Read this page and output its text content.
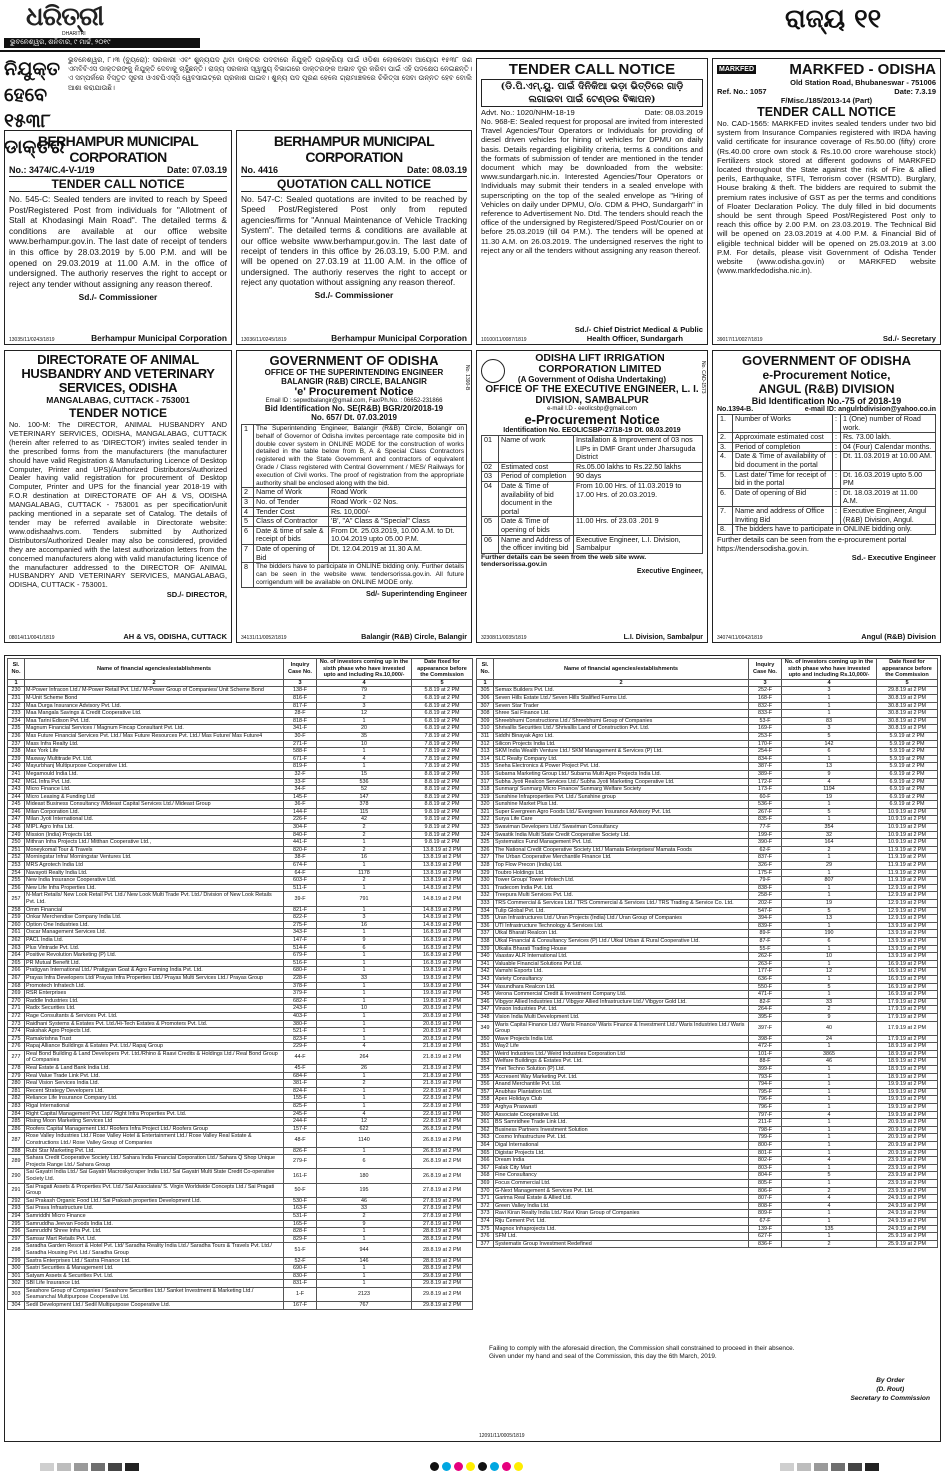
ଧରିତ୍ରୀ
DHARITRI
ଭୁବନେଶ୍ୱର, ଶନିବାର, ୯ ମାର୍ଚ୍ଚ, ୨୦୧୯
ରାଜ୍ୟ ୧୧
ନିଯୁକ୍ତ ହେବେ ୧୫୩୮ ଡାକ୍ତର
ଭୁବନେଶ୍ୱର, ୮।୩ (ବ୍ୟୁରୋ): ସରକାରୀ ଏବଂ ଶୁନ୍ୟପଦ ଥିବା ଡାକ୍ତର ପଦବୀରେ ନିଯୁକ୍ତି ପ୍ରକ୍ରିୟା ପାଇଁ ଓଡ଼ିଶା ଲୋକସେବା ଆୟୋଗ ୧୫୩୮ ଜଣ ଏମବିବିଏସ ଡାକ୍ତରଙ୍କୁ ନିଯୁକ୍ତି ଦେବାକୁ ଚାହୁଁଛନ୍ତି। ରାଜ୍ୟ ସରକାର ସ୍ୱାସ୍ଥ୍ୟ ବିଭାଗରେ ଡାକ୍ତରଙ୍କ ଅଭାବ ଦୂର କରିବା ପାଇଁ ଏହି ପଦକ୍ଷେପ ନେଇଛନ୍ତି। ଏ ସମ୍ପର୍କରେ ବିସ୍ତୃତ ସୂଚନା ଓଏଚପିଏସ୍ସି ୱେବସାଇଟ୍ରେ ପ୍ରକାଶ ପାଇବ। ଶୁନ୍ୟ ପଦ ପୂରଣ ହେଲେ ଗ୍ରାମାଞ୍ଚଳରେ ଚିକିତ୍ସା ସେବା ଉନ୍ନତ ହେବ ବୋଲି ଆଶା କରାଯାଉଛି।
BERHAMPUR MUNICIPAL CORPORATION
No.: 3474/C.4-V-1/19	Date: 07.03.19
TENDER CALL NOTICE
No. 545-C: Sealed tenders are invited to reach by Speed Post/Registered Post from individuals for "Allotment of Stall at Khodasingi Main Road". The detailed terms & conditions are available at our office website www.berhampur.gov.in. The last date of receipt of tenders in this office by 28.03.2019 by 5.00 P.M. and will be opened on 29.03.2019 at 11.00 A.M. in the office of undersigned. The authoriy reserves the right to accept or reject any tender without assigning any reason thereof.
Sd./- Commissioner
13035/11/0243/1819	Berhampur Municipal Corporation
BERHAMPUR MUNICIPAL CORPORATION
No. 4416	Date: 08.03.19
QUOTATION CALL NOTICE
No. 547-C: Sealed quotations are invited to be reached by Speed Post/Registered Post only from reputed agencies/firms for "Annual Maintenance of Vehicle Tracking System". The detailed terms & conditions are available at our office website www.berhampur.gov.in. The last date of receipt of tenders in this office by 26.03.19, 5.00 P.M. and will be opened on 27.03.19 at 11.00 A.M. in the office of undersigned. The authoriy reserves the right to accept or reject any quotation without assigning any reason thereof.
Sd./- Commissioner
13036/11/0245/1819	Berhampur Municipal Corporation
TENDER CALL NOTICE
(ଡି.ପି.ଏମ୍.ୟୁ. ପାଇଁ ଦିନିକିଆ ଭଡ଼ା ଭିତ୍ତିରେ ଗାଡ଼ି ଲଗାଇବା ପାଇଁ ଟେଣ୍ଡର ବିଜ୍ଞାପନ)
Advt. No.: 1020/NHM-18-19	Date: 08.03.2019
No. 968-E: Sealed request for proposal are invited from interested Travel Agencies/Tour Operators or Individuals for providing of diesel driven vehicles for hiring of vehicles for DPMU on daily basis. Details regarding eligibility criteria, terms & conditions and the formats of submission of tender are mentioned in the tender document which may be downloaded from the website: www.sundargarh.nic.in. Interested Agencies/Tour Operators or Individuals may submit their tenders in a sealed envelope with superscripting on the top of the sealed envelope as "Hiring of Vehicles on daily under DPMU, O/o. CDM & PHO, Sundargarh" in reference to Advertisement No. Dtd. The tenders should reach the office of the undersigned by Registered/Speed Post/Courier on or before 25.03.2019 (till 04 P.M.). The tenders will be opened at 11.30 A.M. on 26.03.2019. The undersigned reserves the right to reject any or all the tenders without assigning any reason thereof.
Sd./- Chief District Medical & Public
10100/11/0087/1819	Health Officer, Sundargarh
MARKFED MARKFED - ODISHA
Old Station Road, Bhubaneswar - 751006
Ref. No.: 1057	Date: 7.3.19
F/Misc./185/2013-14 (Part)
TENDER CALL NOTICE
No. CAD-1565: MARKFED invites sealed tenders under two bid system from Insurance Companies registered with IRDA having valid certificate for insurance coverage of Rs.50.00 (fifty) crore (Rs.40.00 crore own stock & Rs.10.00 crore warehouse stock) Fertilizers stock stored at different godowns of MARKFED located throughout the State against the risk of Fire & allied perils, Earthquake, STFI, Terrorism cover (RSMTD). Burglary, House braking & theft. The bidders are required to submit the premium rates inclusive of GST as per the terms and conditions of Floater Declaration Policy. The duly filled in bid documents should be sent through Speed Post/Registered Post only to reach this office by 2.00 P.M. on 23.03.2019. The Technical Bid will be opened on 23.03.2019 at 4.00 P.M. & Financial Bid of eligible technical bidder will be opened on 25.03.2019 at 3.00 P.M. For details, please visit Government of Odisha Tender website (www.odisha.gov.in) or MARKFED website (www.markfedodisha.nic.in).
39017/11/0027/1819	Sd./- Secretary
DIRECTORATE OF ANIMAL HUSBANDRY AND VETERINARY SERVICES, ODISHA
MANGALABAG, CUTTACK - 753001
TENDER NOTICE
No. 100-M: The DIRECTOR, ANIMAL HUSBANDRY AND VETERINARY SERVICES, ODISHA, MANGALABAG, CUTTACK (herein after referred to as 'DIRECTOR') invites sealed tender in the prescribed forms from the manufacturers (the manufacturer should have valid Registration & Manufacturing Licence of Desktop Computer, Printer and UPS)/Authorized Distributors/Authorized Dealer having valid registration for procurement of Desktop Computer, Printer and UPS for the financial year 2018-19 with F.O.R destination at DIRECTORATE OF AH & VS, ODISHA MANGALABAG, CUTTACK - 753001 as per specification/unit packing mentioned in a separate set of Catalog. The details of tender may be referred available in Directorate website: www.odishaahvs.com. Tenders submitted by Authorized Distributors/Authorized Dealer may also be considered, provided they are accompanied with the latest authorization letters from the concerned manufacturers along with valid manufacturing licence of the manufacturer addressed to the DIRECTOR OF ANIMAL HUSBANDRY AND VETERINARY SERVICES, MANGALABAG, ODISHA, CUTTACK - 753001.
SD./- DIRECTOR,
08014/11/0041/1819	AH & VS, ODISHA, CUTTACK
GOVERNMENT OF ODISHA
OFFICE OF THE SUPERINTENDING ENGINEER
BALANGIR (R&B) CIRCLE, BALANGIR
'e' Procurement Notice
Email ID : sepwdbalangir@gmail.com, Fax/Ph.No. : 06652-231866
Bid Identification No. SE(R&B) BGR/20/2018-19
No. 657/ Dt. 07.03.2019
No. 1390-B
1	The Superintending Engineer, Balangir (R&B) Circle, Bolangir on behalf of Governor of Odisha invites percentage rate composite bid in double cover system in ONLINE MODE for the construction of works detailed in the table below from B, A & Special Class Contractors registered with the State Government and contractors of equivalent Grade / Class registered with Central Government / MES/ Railways for execution of Civil works. The proof of registration from the appropriate authority shall be enclosed along with the bid.	
2	Name of Work	Road Work
3	No. of Tender	Road Work - 02 Nos.
4	Tender Cost	Rs. 10,000/-
5	Class of Contractor	'B', "A" Class & "Special" Class
6	Date & time of sale & receipt of bids	From Dt. 25.03.2019, 10.00 A.M. to Dt. 10.04.2019 upto 05.00 P.M.
7	Date of opening of Bid	Dt. 12.04.2019 at 11.30 A.M.
8	The bidders have to participate in ONLINE bidding only. Further details can be seen in the website www. tendersorissa.gov.in. All future corrigendum will be available on ONLINE MODE only.	
Sd/- Superintending Engineer
34131/11/0052/1819	Balangir (R&B) Circle, Balangir
No. CAD-1573
ODISHA LIFT IRRIGATION CORPORATION LIMITED
(A Government of Odisha Undertaking)
OFFICE OF THE EXECUTIVE ENGINEER, L. I. DIVISION, SAMBALPUR
e-mail I.D - eeolicsbp@gmail.com
e-Procurement Notice
Identification No. EEOLICSBP-27/18-19 Dt. 08.03.2019
01	Name of work	Installation & Improvement of 03 nos LIPs in DMF Grant under Jharsuguda District
02	Estimated cost	Rs.05.00 lakhs to Rs.22.50 lakhs
03	Period of completion	90 days
04	Date & Time of availability of bid document in the portal	From 10.00 Hrs. of 11.03.2019 to 17.00 Hrs. of 20.03.2019.
05	Date & Time of opening of bids	11.00 Hrs. of 23.03 .201 9
06	Name and Address of the officer inviting bid	Executive Engineer, L.I. Division, Sambalpur
Further details can be seen from the web site www. tendersorissa.gov.in
Executive Engineer,
32308/11/0035/1819	L.I. Division, Sambalpur
GOVERNMENT OF ODISHA
e-Procurement Notice,
ANGUL (R&B) DIVISION
Bid Identification No.-75 of 2018-19
No.1394-B.	e-mail ID: angulrbdivision@yahoo.co.in
1.	Number of Works	:	1 (One) number of Road work.
2.	Approximate estimated cost	:	Rs. 73.00 lakh.
3.	Period of completion	:	04 (Four) Calendar months.
4.	Date & Time of availability of bid document in the portal	:	Dt. 11.03.2019 at 10.00 AM.
5.	Last date/ Time for receipt of bid in the portal	:	Dt. 16.03.2019 upto 5.00 PM
6.	Date of opening of Bid	:	Dt. 18.03.2019 at 11.00 A.M.
7.	Name and address of Office Inviting Bid	:	Executive Engineer, Angul (R&B) Division, Angul.
8.	The bidders have to participate in ONLINE bidding only.		
Further details can be seen from the e-procurement portal https://tendersodisha.gov.in.
Sd.- Executive Engineer
34074/11/0042/1819	Angul (R&B) Division
Sl. No.	Name of financial agencies/establishments	Inquiry Case No.	No. of investors coming up in the sixth phase who have invested upto and including Rs.10,000/-	Date fixed for appearance before the Commission
1	2	3	4	5
230	M-Power Infracon Ltd./ M-Power Retail Pvt. Ltd./ M-Power Group of Companies/ Unit Scheme Bond	138-F	79	5.8.19 at 2 PM
231	M-Unit Scheme Bond	816-F	2	6.8.19 at 2 PM
232	Maa Durga Insurance Advisory Pvt. Ltd.	817-F	3	6.8.19 at 2 PM
233	Maa Mangala Savings & Credit Cooperative Ltd.	28-F	12	6.8.19 at 2 PM
234	Maa Tarini Edison Pvt. Ltd.	818-F	1	6.8.19 at 2 PM
235	Magnum Financial Services / Magnum Fincap Consultant Pvt. Ltd.	341-F	20	6.8.19 at 2 PM
236	Mas Future Financial Services Pvt. Ltd./ Mas Future Resources Pvt. Ltd./ Mas Future/ Mas Future4	30-F	35	7.8.19 at 2 PM
237	Mass Infra Realty Ltd.	271-F	10	7.8.19 at 2 PM
238	Max York Life	588-F	1	7.8.19 at 2 PM
239	Maxway Multitrade Pvt. Ltd.	671-F	4	7.8.19 at 2 PM
240	Mayurbhanj Multipurpose Cooperative Ltd.	819-F	1	7.8.19 at 2 PM
241	Megamould India Ltd.	32-F	15	8.8.19 at 2 PM
242	MGL Infra Pvt. Ltd.	33-F	536	8.8.19 at 2 PM
243	Micro Finance Ltd.	34-F	52	8.8.19 at 2 PM
244	Micro Leasing & Funding Ltd	145-F	147	8.8.19 at 2 PM
245	Mideast Business Consultancy /Mideast Capital Services Ltd./ Mideast Group	36-F	378	8.8.19 at 2 PM
246	Milan Corporation Ltd.	144-F	115	9.8.19 at 2 PM
247	Milan Jyoti International Ltd.	226-F	42	9.8.19 at 2 PM
248	MIPL Agro Infra Ltd.	304-F	2	9.8.19 at 2 PM
249	Mission (India) Projects Ltd.	840-F	2	9.8.19 at 2 PM
250	Mithran Infra Projects Ltd./ Mitthan Cooperative Ltd.,	441-F	1	9.8.19 at 2 PM
251	Moneykomal Tour & Travels	820-F	2	13.8.19 at 2 PM
252	Morningstar Infra/ Morningstar Ventures Ltd.	38-F	16	13.8.19 at 2 PM
253	MRS Agrotech India Ltd	674-F	1	13.8.19 at 2 PM
254	Navayoti Realty India Ltd.	64-F	1178	13.8.19 at 2 PM
255	New India Insurance Cooperative Ltd.	603-F	2	13.8.19 at 2 PM
256	New Life Infra Properties Ltd.	511-F	1	14.8.19 at 2 PM
257	N-Mart Retails/ New Look Retail Pvt. Ltd./ New Look Multi Trade Pvt. Ltd./ Division of New Look Retails Pvt. Ltd.	39-F	791	14.8.19 at 2 PM
258	Omm Financial	821-F	1	14.8.19 at 2 PM
259	Onkar Merchendise Company India Ltd.	822-F	3	14.8.19 at 2 PM
260	Option One Industries Ltd.	275-F	16	14.8.19 at 2 PM
261	Oscar Management Services Ltd.	343-F	1	16.8.19 at 2 PM
262	PACL India Ltd.	147-F	9	16.8.19 at 2 PM
263	Plus Vintrade Pvt. Ltd.	514-F	6	16.8.19 at 2 PM
264	Positive Revolution Marketing (P) Ltd.	679-F	1	16.8.19 at 2 PM
265	PR Mutual Benefit Ltd.	516-F	1	16.8.19 at 2 PM
266	Pratigyan International Ltd./ Pratigyan Goat & Agro Farming India Pvt. Ltd.	680-F	1	19.8.19 at 2 PM
267	Prayas Infra Developers Ltd/ Prayas Infra Properties Ltd./ Prayas Multi Services Ltd./ Prayas Group	228-F	33	19.8.19 at 2 PM
268	Promotech Infratech Ltd.	378-F	1	19.8.19 at 2 PM
269	RSR Enterprises	379-F	1	19.8.19 at 2 PM
270	Raddle Industries Ltd.	682-F	1	19.8.19 at 2 PM
271	Radix Securities Ltd.	243-F	10	20.8.19 at 2 PM
272	Rage Consultants & Services Pvt. Ltd.	403-F	1	20.8.19 at 2 PM
273	Raidhani Systems & Estates Pvt. Ltd./Hi-Tech Estates & Promoters Pvt. Ltd.	380-F	1	20.8.19 at 2 PM
274	Rakshak Agro Projects Ltd.	521-F	1	20.8.19 at 2 PM
275	Ramakrishna Trust	823-F	1	20.8.19 at 2 PM
276	Rapaj Alliance Buildings & Estates Pvt. Ltd./ Rapaj Group	229-F	4	21.8.19 at 2 PM
277	Real Bond Building & Land Developers Pvt. Ltd./Rhino & Raavi Credits & Holdings Ltd./ Real Bond Group of Companies	44-F	264	21.8.19 at 2 PM
278	Real Estate & Land Bank India Ltd.	45-F	26	21.8.19 at 2 PM
279	Real Value Trade Link Pvt. Ltd.	684-F	1	21.8.19 at 2 PM
280	Real Vision Services India Ltd.	381-F	2	21.8.19 at 2 PM
281	Recent Strategy Developers Ltd.	824-F	1	22.8.19 at 2 PM
282	Reliance Life Insurance Company Ltd.	155-F	1	22.8.19 at 2 PM
283	Rigal International	825-F	1	22.8.19 at 2 PM
284	Right Capital Management Pvt. Ltd./ Right Infra Properties Pvt. Ltd.	245-F	4	22.8.19 at 2 PM
285	Rising Moon Marketing Services Ltd	244-F	12	22.8.19 at 2 PM
286	Roofers Capital Management Ltd./ Roofers Infra Project Ltd./ Roofers Group	157-F	622	26.8.19 at 2 PM
287	Rose Valley Industries Ltd./ Rose Valley Hotel & Entertainment Ltd./ Rose Valley Real Estate & Constructions Ltd./ Rose Valley Group of Companies	48-F	1140	26.8.19 at 2 PM
288	Rubi Star Marketing Pvt. Ltd.	826-F	1	26.8.19 at 2 PM
289	Sahara Credit Cooperative Society Ltd./ Sahara India Financial Corporation Ltd./ Sahara Q Shop Unique Projects Range Ltd./ Sahara Group	279-F	6	26.8.19 at 2 PM
290	Sai Gayatri India Ltd./ Sai Gayatri Macroskycraper India Ltd./ Sai Gayatri Multi State Credit Co-operative Society Ltd.	161-F	180	26.8.19 at 2 PM
291	Sai Pragati Assets & Properties Pvt. Ltd./ Sai Associates/ S. Virgin Worldwide Concepts Ltd./ Sai Pragati Group	50-F	195	27.8.19 at 2 PM
292	Sai Prakash Organic Food Ltd./ Sai Prakash properties Development Ltd.	530-F	46	27.8.19 at 2 PM
293	Sai Prava Infrastructure Ltd.	163-F	33	27.8.19 at 2 PM
294	Samriddhi Micro Finance	531-F	2	27.8.19 at 2 PM
295	Samruddha Jeevan Foods India Ltd.	165-F	9	27.8.19 at 2 PM
296	Samruddhi Shree Infra Pvt. Ltd.	828-F	1	28.8.19 at 2 PM
297	Samsar Mart Retails Pvt. Ltd.	829-F	1	28.8.19 at 2 PM
298	Saradha Garden Resort & Hotel Pvt. Ltd/ Saradha Reality India Ltd./ Saradha Tours & Travels Pvt. Ltd./ Saradha Housing Pvt. Ltd./ Saradha Group	51-F	944	28.8.19 at 2 PM
299	Sastra Enterprises Ltd./ Sastra Finance Ltd.	52-F	146	28.8.19 at 2 PM
300	Sastri Securities & Management Ltd.	690-F	1	28.8.19 at 2 PM
301	Satyam Assets & Securities Pvt. Ltd.	830-F	1	29.8.19 at 2 PM
302	SBI Life Insurance Ltd.	831-F	1	29.8.19 at 2 PM
303	Seashore Group of Companies / Seashore Securities Ltd./ Sanket Investment & Marketing Ltd./ Seamanchal Multipurpose Cooperative Ltd.	1-F	2123	29.8.19 at 2 PM
304	Sedil Development Ltd./ Sedil Multipurpose Cooperative Ltd.	167-F	767	29.8.19 at 2 PM
Sl. No.	Name of financial agencies/establishments	Inquiry Case No.	No. of investors coming up in the sixth phase who have invested upto and including Rs.10,000/-	Date fixed for appearance before the Commission
1	2	3	4	5
305	Semax Builders Pvt. Ltd.	252-F	3	29.8.19 at 2 PM
306	Seven Hills Estate Ltd./ Seven Hills Stalified Farms Ltd.	168-F	1	30.8.19 at 2 PM
307	Seven Star Trader	832-F	1	30.8.19 at 2 PM
308	Shree Sai Finance Ltd.	833-F	1	30.8.19 at 2 PM
309	Shreebhumi Constructions Ltd./ Shreebhumi Group of Companies	53-F	83	30.8.19 at 2 PM
310	Shrivallis Securities Ltd./ Shrivallis Land of Construction Pvt. Ltd.	169-F	3	30.8.19 at 2 PM
311	Siddhi Binayak Agro Ltd.	253-F	5	5.9.19 at 2 PM
312	Silicon Projects India Ltd.	170-F	142	5.9.19 at 2 PM
313	SKM India Wealth Venture Ltd./ SKM Management & Services (P) Ltd.	254-F	6	5.9.19 at 2 PM
314	SLC Realty Company Ltd.	834-F	1	5.9.19 at 2 PM
315	Sneha Electronics & Power Project Pvt. Ltd.	387-F	13	5.9.19 at 2 PM
316	Subarna Marketing Group Ltd./ Subarna Multi Agro Projects India Ltd.	389-F	9	6.9.19 at 2 PM
317	Subha Jyoti Realcon Services Ltd./ Subha Jyoti Marketing Cooperative Ltd.	172-F	4	6.9.19 at 2 PM
318	Sunmarg/ Sunmarg Micro Finance/ Sunmarg Welfare Society	173-F	1194	6.9.19 at 2 PM
319	Sunshine Infraproperties Pvt. Ltd./ Sunshine group	60-F	19	6.9.19 at 2 PM
320	Sunshine Market Plus Ltd.	536-F	1	6.9.19 at 2 PM
321	Super Evergreen Agro Foods Ltd./ Evergreen Insurance Advisory Pvt. Ltd.	267-F	5	10.9.19 at 2 PM
322	Surya Life Care	835-F	1	10.9.19 at 2 PM
323	Swaviman Developers Ltd./ Swaviman Consultancy	77-F	354	10.9.19 at 2 PM
324	Swastik India Multi State Credit Cooperative Society Ltd.	199-F	32	10.9.19 at 2 PM
325	Systematics Fund Management Pvt. Ltd.	390-F	164	10.9.19 at 2 PM
326	The National Credit Cooperative Society Ltd./ Mamata Enterprises/ Mamata Foods	62-F	2	11.9.19 at 2 PM
327	The Urban Cooperative Merchantile Finance Ltd.	837-F	1	11.9.19 at 2 PM
328	Top Flow Precon (India) Ltd.	326-F	29	11.9.19 at 2 PM
329	Toubro Holdings Ltd.	175-F	1	11.9.19 at 2 PM
330	Tower Group/ Tower Infotech Ltd.	79-F	807	11.9.19 at 2 PM
331	Tradecom India Pvt. Ltd.	838-F	1	12.9.19 at 2 PM
332	Treepura Multi Services Pvt. Ltd.	258-F	1	12.9.19 at 2 PM
333	TRS Commercial & Services Ltd./ TRS Commercial & Services Ltd./ TRS Trading & Service Co. Ltd.	202-F	19	12.9.19 at 2 PM
334	Tulip Global Pvt. Ltd.	547-F	5	12.9.19 at 2 PM
335	Uran Infrastructures Ltd./ Uran Projects (India) Ltd./ Uran Group of Companies	394-F	13	12.9.19 at 2 PM
336	UTI Infrastructure Technology & Services Ltd.	839-F	1	13.9.19 at 2 PM
337	Utkal Bharati Realcon Ltd.	89-F	190	13.9.19 at 2 PM
338	Utkal Financial & Consultancy Services (P) Ltd./ Utkal Urban & Rural Cooperative Ltd.	87-F	6	13.9.19 at 2 PM
339	Utkalia Bharati Trading House	55-F	1	13.9.19 at 2 PM
340	Vaastav ALR International Ltd.	262-F	10	13.9.19 at 2 PM
341	Valuable Financial Solutions Pvt Ltd.	263-F	1	16.9.19 at 2 PM
342	Vamshi Exports Ltd.	177-F	12	16.9.19 at 2 PM
343	Variety Consultancy	636-F	1	16.9.19 at 2 PM
344	Vasundhara Realcon Ltd.	550-F	5	16.9.19 at 2 PM
345	Verona Commercial Credit & Investment Company Ltd.	471-F	1	16.9.19 at 2 PM
346	Vibgyor Allied Industries Ltd./ Vibgyor Allied Infrastructure Ltd./ Vibgyor Gold Ltd.	82-F	33	17.9.19 at 2 PM
347	Vinson Industries Pvt. Ltd.	264-F	2	17.9.19 at 2 PM
348	Vision India Multi Development Ltd.	395-F	9	17.9.19 at 2 PM
349	Waris Capital Finance Ltd./ Waris Finance/ Waris Finance & Investment Ltd./ Waris Industries Ltd./ Waris Group	397-F	40	17.9.19 at 2 PM
350	Wave Projects India Ltd.	398-F	24	17.9.19 at 2 PM
351	Way2 Life	472-F	1	18.9.19 at 2 PM
352	Weird Industries Ltd./ Weird Industries Corporation Ltd	101-F	3865	18.9.19 at 2 PM
353	Welfare Buildings & Estates Pvt. Ltd.	88-F	46	18.9.19 at 2 PM
354	Ynet Techno Solution (P) Ltd.	399-F	1	18.9.19 at 2 PM
355	Accresent Way Marketing Pvt. Ltd.	793-F	1	18.9.19 at 2 PM
356	Anand Merchantile Pvt. Ltd.	794-F	1	19.9.19 at 2 PM
357	Anubhav Plantation Ltd.	795-F	1	19.9.19 at 2 PM
358	Apex Holidays Club	796-F	1	19.9.19 at 2 PM
359	Arghya Praswasti	796-F	1	19.9.19 at 2 PM
360	Associate Cooperative Ltd.	797-F	4	19.9.19 at 2 PM
361	BS Samridhee Trade Link Ltd.	211-F	1	20.9.19 at 2 PM
362	Business Partners Investment Solution	798-F	1	20.9.19 at 2 PM
363	Cosmo Infrastructure Pvt. Ltd.	799-F	1	20.9.19 at 2 PM
364	Digal International	800-F	1	20.9.19 at 2 PM
365	Digistar Projects Ltd.	801-F	1	20.9.19 at 2 PM
366	Dream India	802-F	4	23.9.19 at 2 PM
367	Falak City Mart	803-F	1	23.9.19 at 2 PM
368	Fine Consultancy	804-F	5	23.9.19 at 2 PM
369	Focus Commercial Ltd.	805-F	1	23.9.19 at 2 PM
370	G-Next Management & Services Pvt. Ltd.	806-F	2	23.9.19 at 2 PM
371	Garima Real Estate & Allied Ltd.	807-F	4	24.9.19 at 2 PM
372	Green Valley India Ltd.	808-F	4	24.9.19 at 2 PM
373	Ravi Kiran Realty India Ltd./ Ravi Kiran Group of Companies	809-F	1	24.9.19 at 2 PM
374	Riju Cement Pvt. Ltd.	67-F	1	24.9.19 at 2 PM
375	Magnox Infraprojects Ltd.	139-F	135	24.9.19 at 2 PM
376	SFM Ltd.	627-F	1	25.9.19 at 2 PM
377	Systematix Group Investment Redefined	836-F	2	25.9.19 at 2 PM
Failing to comply with the aforesaid direction, the Commission shall constrained to proceed in their absence.
Given under my hand and seal of the Commission, this day the 6th March, 2019.
By Order
(D. Rout)
Secretary to Commission
12091/11/0005/1819
